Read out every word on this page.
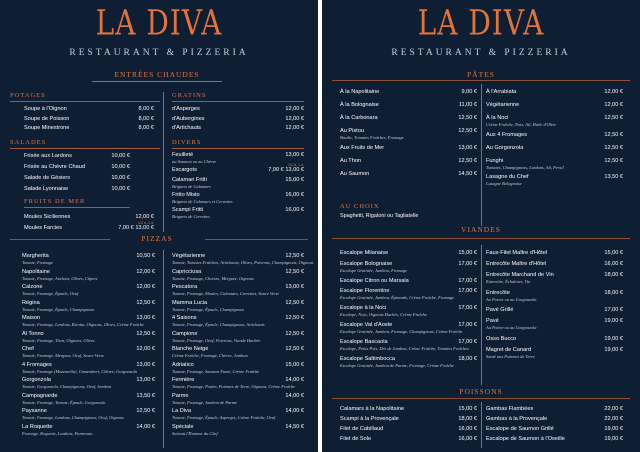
LA DIVA
RESTAURANT & PIZZERIA
ENTRÉES CHAUDES
POTAGES
Soupe à l'Oignon	8,00 €
Soupe de Poisson	8,00 €
Soupe Minestrone	8,00 €
SALADES
Frisée aux Lardons	10,00 €
Frisée au Chèvre Chaud	10,00 €
Salade de Gésiers	10,00 €
Salade Lyonnaise	10,00 €
FRUITS DE MER
Moules Siciliennes	12,00 €
Moules Farcies	7,00 € 13,00 €
1/2 d. 1 d.
GRATINS
d'Asperges	12,00 €
d'Aubergines	12,00 €
d'Artichauts	12,00 €
DIVERS
Feuilleté	13,00 €
au Saumon ou au Chèvre
Escargots	7,00 € 13,00 €
1/2 d. 1 d.
Calamari Fritti	15,00 €
Beignets de Calamars
Fritto Misto	16,00 €
Beignets de Calamars et Crevettes
Scampi Fritti	16,00 €
Beignets de Crevettes
PIZZAS
Margherita	10,50 €
Tomate, Fromage
Napolitaine	12,00 €
Tomate, Fromage, Anchois, Olives, Câpres
Calzone	12,00 €
Tomate, Fromage, Épaule, Oeuf
Régina	12,50 €
Tomate, Fromage, Épaule, Champignons
Maison	13,00 €
Tomate, Fromage, Lardons, Ricotta, Oignons, Olives, Crème Fraîche
Al Tonno	12,50 €
Tomate, Fromage, Thon, Oignons, Olives
Chef	12,00 €
Tomate, Fromage, Merguez, Oeuf, Sauce Verte
4 Fromages	13,00 €
Tomate, Fromage (Mozzarella), Camembert, Chèvre, Gorgonzola
Gorgonzola	13,00 €
Tomate, Gorgonzola, Champignons, Oeuf, Jambon
Campagnarde	13,50 €
Tomate, Fromage, Tomate, Épaule, Gorgonzola
Paysanne	12,50 €
Tomate, Fromage, Lardons, Champignons, Oeuf, Oignons
La Roquette	14,00 €
Fromage, Roquette, Lardons, Parmesan
Végétarienne	12,50 €
Tomate, Tomates Fraîches, Artichauts, Olives, Poivrons, Champignons, Oignons
Capricciosa	12,50 €
Tomate, Fromage, Chorizo, Merguez, Oignons
Pescatora	13,00 €
Tomate, Fromage, Moules, Calamars, Crevettes, Sauce Verte
Mamma Lucia	12,50 €
Tomate, Fromage, Épaule, Champignons
4 Saisons	12,50 €
Tomate, Fromage, Épaule, Champignons, Artichauts
Campione	12,50 €
Tomate, Fromage, Oeuf, Poivrons, Viande Hachée
Blanche Neige	12,50 €
Crème Fraîche, Fromage, Chèvre, Jambon
Adriatico	15,00 €
Tomate, Fromage, Saumon Fumé, Crème Fraîche
Fermière	14,00 €
Tomate, Fromage, Poulet, Pommes de Terre, Oignons, Crème Fraîche
Parme	14,00 €
Tomate, Fromage, Jambon de Parme
La Diva	14,00 €
Tomate, Fromage, Épaule, Asperges, Crème Fraîche, Oeuf
Spéciale	14,50 €
Suivant l'Humeur du Chef
LA DIVA
RESTAURANT & PIZZERIA
PÂTES
À la Napolitaine	9,00 €
À la Bolognaise	11,00 €
À la Carbonara	12,50 €
Au Pistou	12,50 €
Basilic, Tomates Fraîches, Fromage
Aux Fruits de Mer	13,00 €
Au Thon	12,50 €
Au Saumon	14,50 €
À l'Arrabiata	12,00 €
Végétarienne	12,00 €
À la Noci	12,50 €
Crème Fraîche, Noix, Ail, Huile d'Olive
Aux 4 Fromages	12,50 €
Au Gorgonzola	12,50 €
Funghi	12,50 €
Tomates, Champignons, Lardons, Ail, Persil
Lasagne du Chef	13,50 €
Lasagne Bolognaise
AU CHOIX
Spaghetti, Rigatoni ou Tagliatelle
VIANDES
Escalope Milanaise	15,00 €
Escalope Bolognaise	17,00 €
Escalope Gratinée, Jambon, Fromage
Escalope Citron ou Marsala	17,00 €
Escalope Florentine	17,00 €
Escalope Gratinée, Jambon, Épinards, Crème Fraîche, Fromage
Escalope à la Noci	17,00 €
Escalope, Noix, Oignons Hachés, Crème Fraîche
Escalope Val d'Aoste	17,00 €
Escalope Gratinée, Jambon, Fromage, Champignons, Crème Fraîche
Escalope Bascaola	17,00 €
Escalope, Petits Pois, Dés de Jambon, Crème Fraîche, Tomates Fraîches
Escalope Saltimbocca	18,00 €
Escalope Gratinée, Jambon de Parme, Fromage, Crème Fraîche
Faux-Filet Maître d'Hôtel	15,00 €
Entrecôte Maître d'Hôtel	16,00 €
Entrecôte Marchand de Vin	18,00 €
Entrecôte, Échalotes, Vin
Entrecôte	18,00 €
Au Poivre ou au Gorgonzola
Pavé Grillé	17,00 €
Pavé	19,00 €
Au Poivre ou au Gorgonzola
Osso Bucco	19,00 €
Magret de Canard	19,00 €
Sauté aux Pommes de Terre
POISSONS
Calamars à la Napolitaine	15,00 €
Scampi à la Provençale	18,00 €
Filet de Cabillaud	16,00 €
Filet de Sole	16,00 €
Gambas Flambées	22,00 €
Gambas à la Provençale	22,00 €
Escalope de Saumon Grillé	19,00 €
Escalope de Saumon à l'Oseille	19,00 €
